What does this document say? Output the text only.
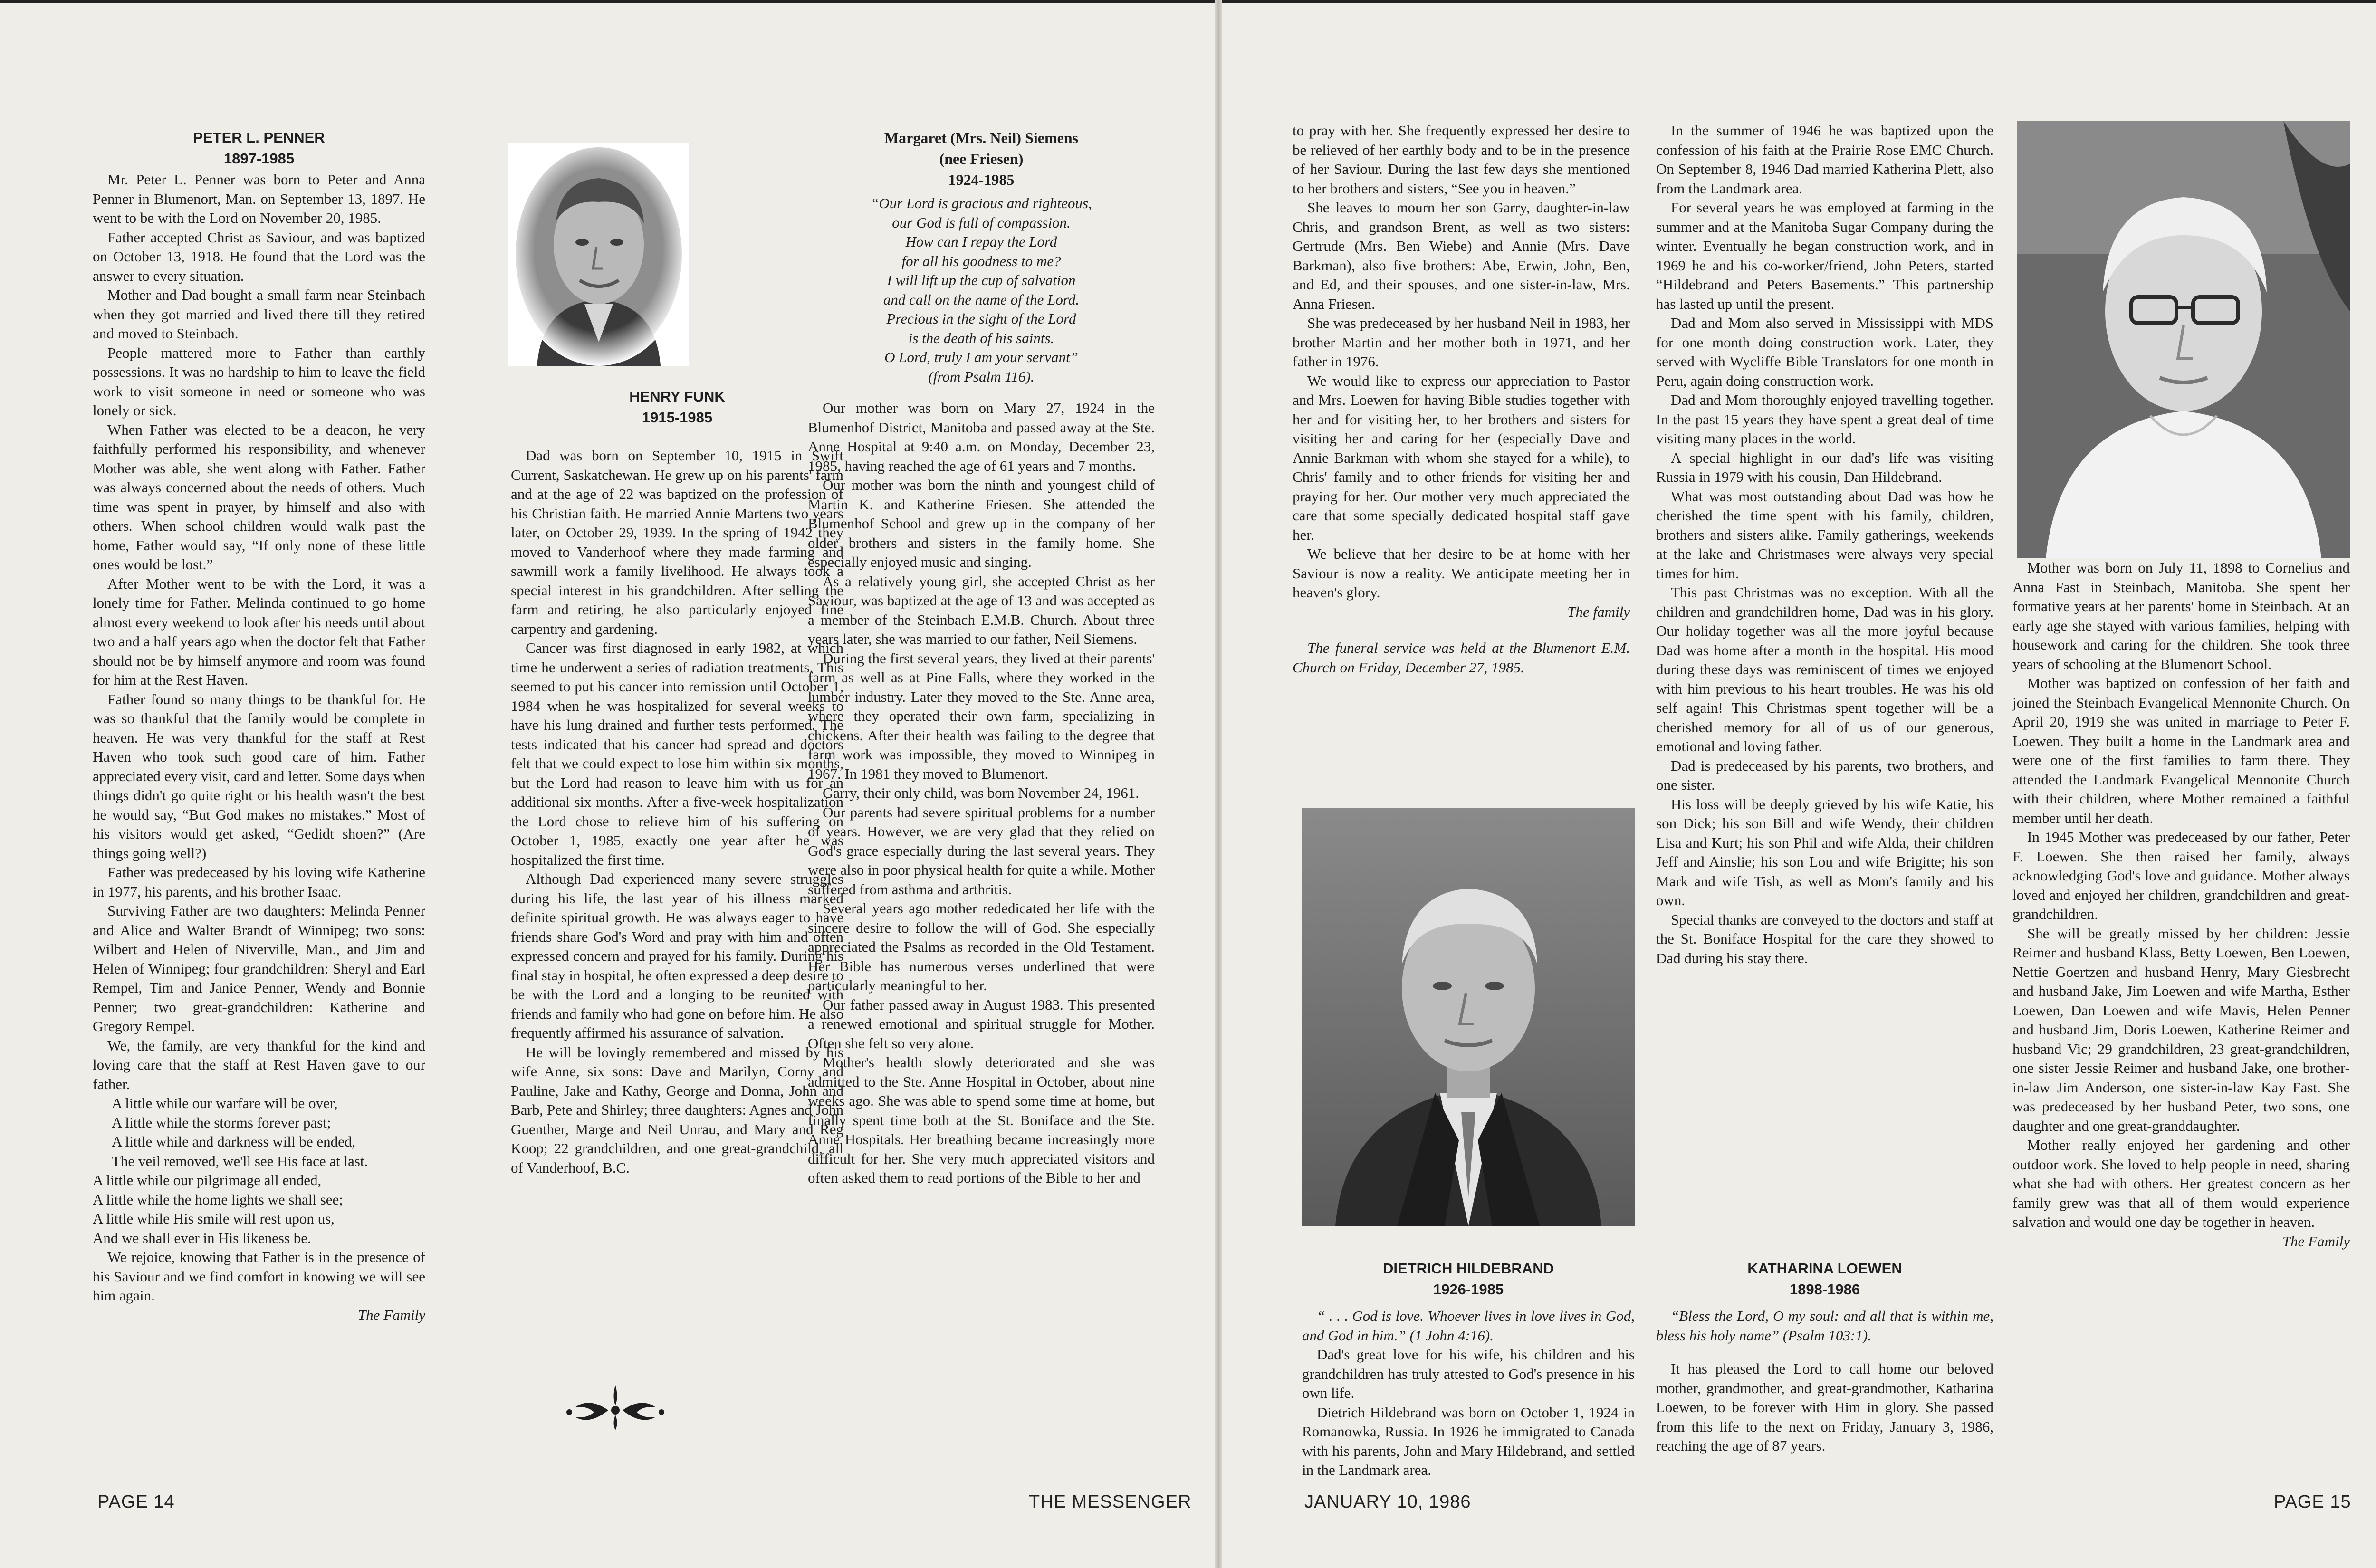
PETER L. PENNER
1897-1985

Mr. Peter L. Penner was born to Peter and Anna Penner in Blumenort, Man. on September 13, 1897. He went to be with the Lord on November 20, 1985.

Father accepted Christ as Saviour, and was baptized on October 13, 1918. He found that the Lord was the answer to every situation.

Mother and Dad bought a small farm near Steinbach when they got married and lived there till they retired and moved to Steinbach.

People mattered more to Father than earthly possessions. It was no hardship to him to leave the field work to visit someone in need or someone who was lonely or sick.

When Father was elected to be a deacon, he very faithfully performed his responsibility, and whenever Mother was able, she went along with Father. Father was always concerned about the needs of others. Much time was spent in prayer, by himself and also with others. When school children would walk past the home, Father would say, “If only none of these little ones would be lost.”

After Mother went to be with the Lord, it was a lonely time for Father. Melinda continued to go home almost every weekend to look after his needs until about two and a half years ago when the doctor felt that Father should not be by himself anymore and room was found for him at the Rest Haven.

Father found so many things to be thankful for. He was so thankful that the family would be complete in heaven. He was very thankful for the staff at Rest Haven who took such good care of him. Father appreciated every visit, card and letter. Some days when things didn't go quite right or his health wasn't the best he would say, “But God makes no mistakes.” Most of his visitors would get asked, “Gedidt shoen?” (Are things going well?)

Father was predeceased by his loving wife Katherine in 1977, his parents, and his brother Isaac.

Surviving Father are two daughters: Melinda Penner and Alice and Walter Brandt of Winnipeg; two sons: Wilbert and Helen of Niverville, Man., and Jim and Helen of Winnipeg; four grandchildren: Sheryl and Earl Rempel, Tim and Janice Penner, Wendy and Bonnie Penner; two great-grandchildren: Katherine and Gregory Rempel.

We, the family, are very thankful for the kind and loving care that the staff at Rest Haven gave to our father.

A little while our warfare will be over,
A little while the storms forever past;
A little while and darkness will be ended,
The veil removed, we'll see His face at last.
A little while our pilgrimage all ended,
A little while the home lights we shall see;
A little while His smile will rest upon us,
And we shall ever in His likeness be.

We rejoice, knowing that Father is in the presence of his Saviour and we find comfort in knowing we will see him again.

The Family

HENRY FUNK
1915-1985

Dad was born on September 10, 1915 in Swift Current, Saskatchewan. He grew up on his parents' farm and at the age of 22 was baptized on the profession of his Christian faith. He married Annie Martens two years later, on October 29, 1939. In the spring of 1942 they moved to Vanderhoof where they made farming and sawmill work a family livelihood. He always took a special interest in his grandchildren. After selling the farm and retiring, he also particularly enjoyed fine carpentry and gardening.

Cancer was first diagnosed in early 1982, at which time he underwent a series of radiation treatments. This seemed to put his cancer into remission until October 1, 1984 when he was hospitalized for several weeks to have his lung drained and further tests performed. The tests indicated that his cancer had spread and doctors felt that we could expect to lose him within six months, but the Lord had reason to leave him with us for an additional six months. After a five-week hospitalization the Lord chose to relieve him of his suffering on October 1, 1985, exactly one year after he was hospitalized the first time.

Although Dad experienced many severe struggles during his life, the last year of his illness marked definite spiritual growth. He was always eager to have friends share God's Word and pray with him and often expressed concern and prayed for his family. During his final stay in hospital, he often expressed a deep desire to be with the Lord and a longing to be reunited with friends and family who had gone on before him. He also frequently affirmed his assurance of salvation.

He will be lovingly remembered and missed by his wife Anne, six sons: Dave and Marilyn, Corny and Pauline, Jake and Kathy, George and Donna, John and Barb, Pete and Shirley; three daughters: Agnes and John Guenther, Marge and Neil Unrau, and Mary and Reg Koop; 22 grandchildren, and one great-grandchild, all of Vanderhoof, B.C.

Margaret (Mrs. Neil) Siemens
(nee Friesen)
1924-1985
“Our Lord is gracious and righteous,
our God is full of compassion.
How can I repay the Lord
for all his goodness to me?
I will lift up the cup of salvation
and call on the name of the Lord.
Precious in the sight of the Lord
is the death of his saints.
O Lord, truly I am your servant”
(from Psalm 116).

Our mother was born on Mary 27, 1924 in the Blumenhof District, Manitoba and passed away at the Ste. Anne Hospital at 9:40 a.m. on Monday, December 23, 1985, having reached the age of 61 years and 7 months.

Our mother was born the ninth and youngest child of Martin K. and Katherine Friesen. She attended the Blumenhof School and grew up in the company of her older brothers and sisters in the family home. She especially enjoyed music and singing.

As a relatively young girl, she accepted Christ as her Saviour, was baptized at the age of 13 and was accepted as a member of the Steinbach E.M.B. Church. About three years later, she was married to our father, Neil Siemens.

During the first several years, they lived at their parents' farm as well as at Pine Falls, where they worked in the lumber industry. Later they moved to the Ste. Anne area, where they operated their own farm, specializing in chickens. After their health was failing to the degree that farm work was impossible, they moved to Winnipeg in 1967. In 1981 they moved to Blumenort.

Garry, their only child, was born November 24, 1961.

Our parents had severe spiritual problems for a number of years. However, we are very glad that they relied on God's grace especially during the last several years. They were also in poor physical health for quite a while. Mother suffered from asthma and arthritis.

Several years ago mother rededicated her life with the sincere desire to follow the will of God. She especially appreciated the Psalms as recorded in the Old Testament. Her Bible has numerous verses underlined that were particularly meaningful to her.

Our father passed away in August 1983. This presented a renewed emotional and spiritual struggle for Mother. Often she felt so very alone.

Mother's health slowly deteriorated and she was admitted to the Ste. Anne Hospital in October, about nine weeks ago. She was able to spend some time at home, but finally spent time both at the St. Boniface and the Ste. Anne Hospitals. Her breathing became increasingly more difficult for her. She very much appreciated visitors and often asked them to read portions of the Bible to her and

PAGE 14	THE MESSENGER

to pray with her. She frequently expressed her desire to be relieved of her earthly body and to be in the presence of her Saviour. During the last few days she mentioned to her brothers and sisters, “See you in heaven.”

She leaves to mourn her son Garry, daughter-in-law Chris, and grandson Brent, as well as two sisters: Gertrude (Mrs. Ben Wiebe) and Annie (Mrs. Dave Barkman), also five brothers: Abe, Erwin, John, Ben, and Ed, and their spouses, and one sister-in-law, Mrs. Anna Friesen.

She was predeceased by her husband Neil in 1983, her brother Martin and her mother both in 1971, and her father in 1976.

We would like to express our appreciation to Pastor and Mrs. Loewen for having Bible studies together with her and for visiting her, to her brothers and sisters for visiting her and caring for her (especially Dave and Annie Barkman with whom she stayed for a while), to Chris' family and to other friends for visiting her and praying for her. Our mother very much appreciated the care that some specially dedicated hospital staff gave her.

We believe that her desire to be at home with her Saviour is now a reality. We anticipate meeting her in heaven's glory.

The family

The funeral service was held at the Blumenort E.M. Church on Friday, December 27, 1985.

DIETRICH HILDEBRAND
1926-1985

“ . . . God is love. Whoever lives in love lives in God, and God in him.” (1 John 4:16).

Dad's great love for his wife, his children and his grandchildren has truly attested to God's presence in his own life.

Dietrich Hildebrand was born on October 1, 1924 in Romanowka, Russia. In 1926 he immigrated to Canada with his parents, John and Mary Hildebrand, and settled in the Landmark area.

In the summer of 1946 he was baptized upon the confession of his faith at the Prairie Rose EMC Church. On September 8, 1946 Dad married Katherina Plett, also from the Landmark area.

For several years he was employed at farming in the summer and at the Manitoba Sugar Company during the winter. Eventually he began construction work, and in 1969 he and his co-worker/friend, John Peters, started “Hildebrand and Peters Basements.” This partnership has lasted up until the present.

Dad and Mom also served in Mississippi with MDS for one month doing construction work. Later, they served with Wycliffe Bible Translators for one month in Peru, again doing construction work.

Dad and Mom thoroughly enjoyed travelling together. In the past 15 years they have spent a great deal of time visiting many places in the world.

A special highlight in our dad's life was visiting Russia in 1979 with his cousin, Dan Hildebrand.

What was most outstanding about Dad was how he cherished the time spent with his family, children, brothers and sisters alike. Family gatherings, weekends at the lake and Christmases were always very special times for him.

This past Christmas was no exception. With all the children and grandchildren home, Dad was in his glory. Our holiday together was all the more joyful because Dad was home after a month in the hospital. His mood during these days was reminiscent of times we enjoyed with him previous to his heart troubles. He was his old self again! This Christmas spent together will be a cherished memory for all of us of our generous, emotional and loving father.

Dad is predeceased by his parents, two brothers, and one sister.

His loss will be deeply grieved by his wife Katie, his son Dick; his son Bill and wife Wendy, their children Lisa and Kurt; his son Phil and wife Alda, their children Jeff and Ainslie; his son Lou and wife Brigitte; his son Mark and wife Tish, as well as Mom's family and his own.

Special thanks are conveyed to the doctors and staff at the St. Boniface Hospital for the care they showed to Dad during his stay there.

KATHARINA LOEWEN
1898-1986

“Bless the Lord, O my soul: and all that is within me, bless his holy name” (Psalm 103:1).

It has pleased the Lord to call home our beloved mother, grandmother, and great-grandmother, Katharina Loewen, to be forever with Him in glory. She passed from this life to the next on Friday, January 3, 1986, reaching the age of 87 years.

Mother was born on July 11, 1898 to Cornelius and Anna Fast in Steinbach, Manitoba. She spent her formative years at her parents' home in Steinbach. At an early age she stayed with various families, helping with housework and caring for the children. She took three years of schooling at the Blumenort School.

Mother was baptized on confession of her faith and joined the Steinbach Evangelical Mennonite Church. On April 20, 1919 she was united in marriage to Peter F. Loewen. They built a home in the Landmark area and were one of the first families to farm there. They attended the Landmark Evangelical Mennonite Church with their children, where Mother remained a faithful member until her death.

In 1945 Mother was predeceased by our father, Peter F. Loewen. She then raised her family, always acknowledging God's love and guidance. Mother always loved and enjoyed her children, grandchildren and great-grandchildren.

She will be greatly missed by her children: Jessie Reimer and husband Klass, Betty Loewen, Ben Loewen, Nettie Goertzen and husband Henry, Mary Giesbrecht and husband Jake, Jim Loewen and wife Martha, Esther Loewen, Dan Loewen and wife Mavis, Helen Penner and husband Jim, Doris Loewen, Katherine Reimer and husband Vic; 29 grandchildren, 23 great-grandchildren, one sister Jessie Reimer and husband Jake, one brother-in-law Jim Anderson, one sister-in-law Kay Fast. She was predeceased by her husband Peter, two sons, one daughter and one great-granddaughter.

Mother really enjoyed her gardening and other outdoor work. She loved to help people in need, sharing what she had with others. Her greatest concern as her family grew was that all of them would experience salvation and would one day be together in heaven.

The Family

JANUARY 10, 1986	PAGE 15
